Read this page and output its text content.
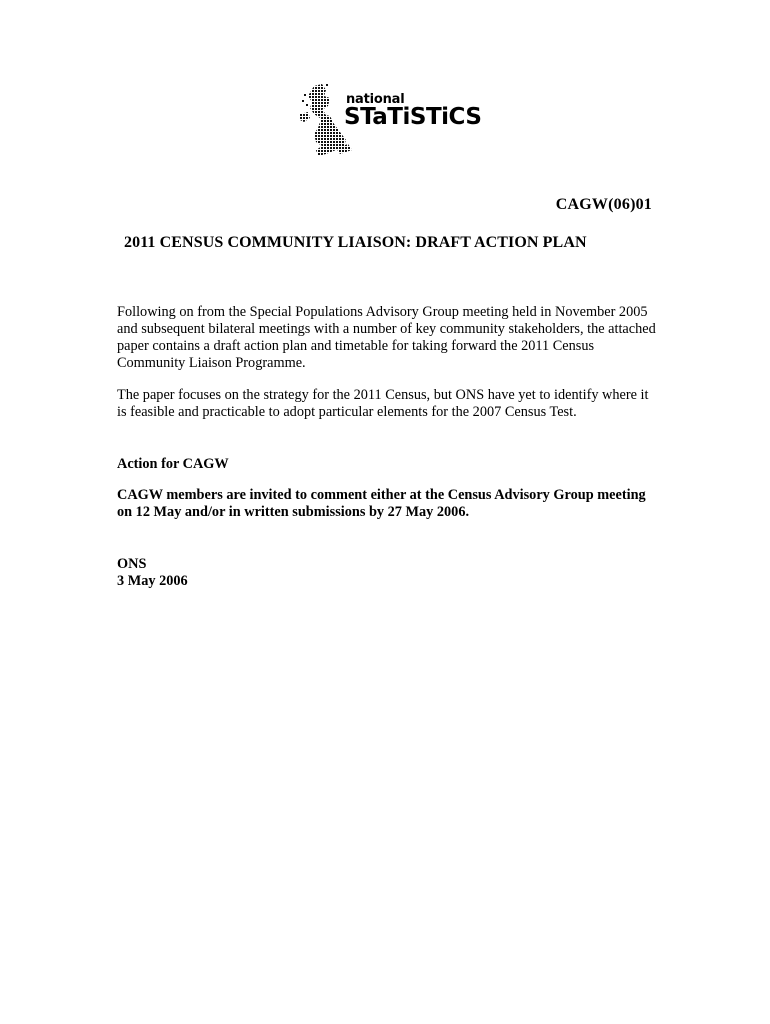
national
STaTiSTiCS
CAGW(06)01
2011 CENSUS COMMUNITY LIAISON: DRAFT ACTION PLAN
Following on from the Special Populations Advisory Group meeting held in November 2005 and subsequent bilateral meetings with a number of key community stakeholders, the attached paper contains a draft action plan and timetable for taking forward the 2011 Census Community Liaison Programme.
The paper focuses on the strategy for the 2011 Census, but ONS have yet to identify where it is feasible and practicable to adopt particular elements for the 2007 Census Test.
Action for CAGW
CAGW members are invited to comment either at the Census Advisory Group meeting on 12 May and/or in written submissions by 27 May 2006.
ONS
3 May 2006
